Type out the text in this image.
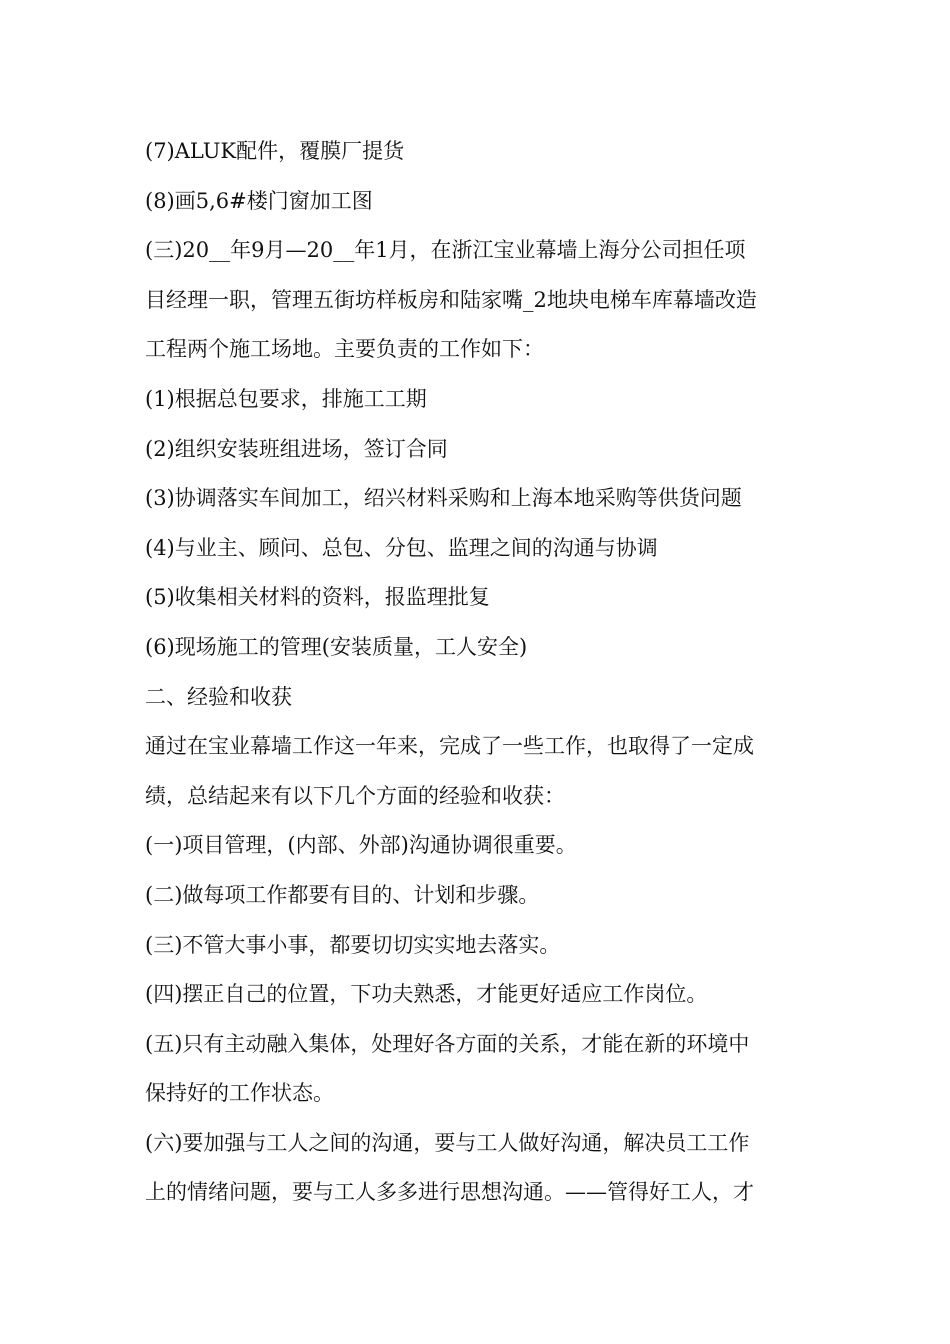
(7)ALUK配件，覆膜厂提货
(8)画5,6#楼门窗加工图
(三)20__年9月—20__年1月，在浙江宝业幕墙上海分公司担任项
目经理一职，管理五街坊样板房和陆家嘴_2地块电梯车库幕墙改造
工程两个施工场地。主要负责的工作如下：
(1)根据总包要求，排施工工期
(2)组织安装班组进场，签订合同
(3)协调落实车间加工，绍兴材料采购和上海本地采购等供货问题
(4)与业主、顾问、总包、分包、监理之间的沟通与协调
(5)收集相关材料的资料，报监理批复
(6)现场施工的管理(安装质量，工人安全)
二、经验和收获
通过在宝业幕墙工作这一年来，完成了一些工作，也取得了一定成
绩，总结起来有以下几个方面的经验和收获：
(一)项目管理，(内部、外部)沟通协调很重要。
(二)做每项工作都要有目的、计划和步骤。
(三)不管大事小事，都要切切实实地去落实。
(四)摆正自己的位置，下功夫熟悉，才能更好适应工作岗位。
(五)只有主动融入集体，处理好各方面的关系，才能在新的环境中
保持好的工作状态。
(六)要加强与工人之间的沟通，要与工人做好沟通，解决员工工作
上的情绪问题，要与工人多多进行思想沟通。——管得好工人，才
